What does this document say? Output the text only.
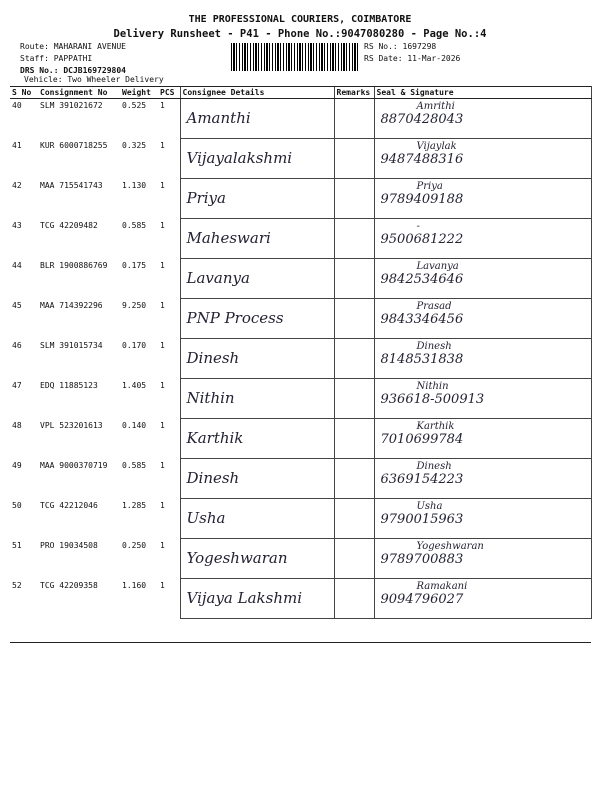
THE PROFESSIONAL COURIERS, COIMBATORE
Delivery Runsheet - P41 - Phone No.:9047080280 - Page No.:4
Route: MAHARANI AVENUE
Staff: PAPPATHI
DRS No.: DCJB169729804
Vehicle: Two Wheeler Delivery
RS No.: 1697298
RS Date: 11-Mar-2026
S No	Consignment No	Weight	PCS	Consignee Details	Remarks	Seal & Signature
40	SLM 391021672	0.525	1	Amanthi		Amrithi
8870428043

41	KUR 6000718255	0.325	1	Vijayalakshmi		Vijaylak
9487488316

42	MAA 715541743	1.130	1	Priya		Priya
9789409188

43	TCG 42209482	0.585	1	Maheswari		-
9500681222

44	BLR 1900886769	0.175	1	Lavanya		Lavanya
9842534646

45	MAA 714392296	9.250	1	PNP Process		Prasad
9843346456

46	SLM 391015734	0.170	1	Dinesh		Dinesh
8148531838

47	EDQ 11885123	1.405	1	Nithin		Nithin
936618-500913

48	VPL 523201613	0.140	1	Karthik		Karthik
7010699784

49	MAA 9000370719	0.585	1	Dinesh		Dinesh
6369154223

50	TCG 42212046	1.285	1	Usha		Usha
9790015963

51	PRO 19034508	0.250	1	Yogeshwaran		Yogeshwaran
9789700883

52	TCG 42209358	1.160	1	Vijaya Lakshmi		Ramakani
9094796027
